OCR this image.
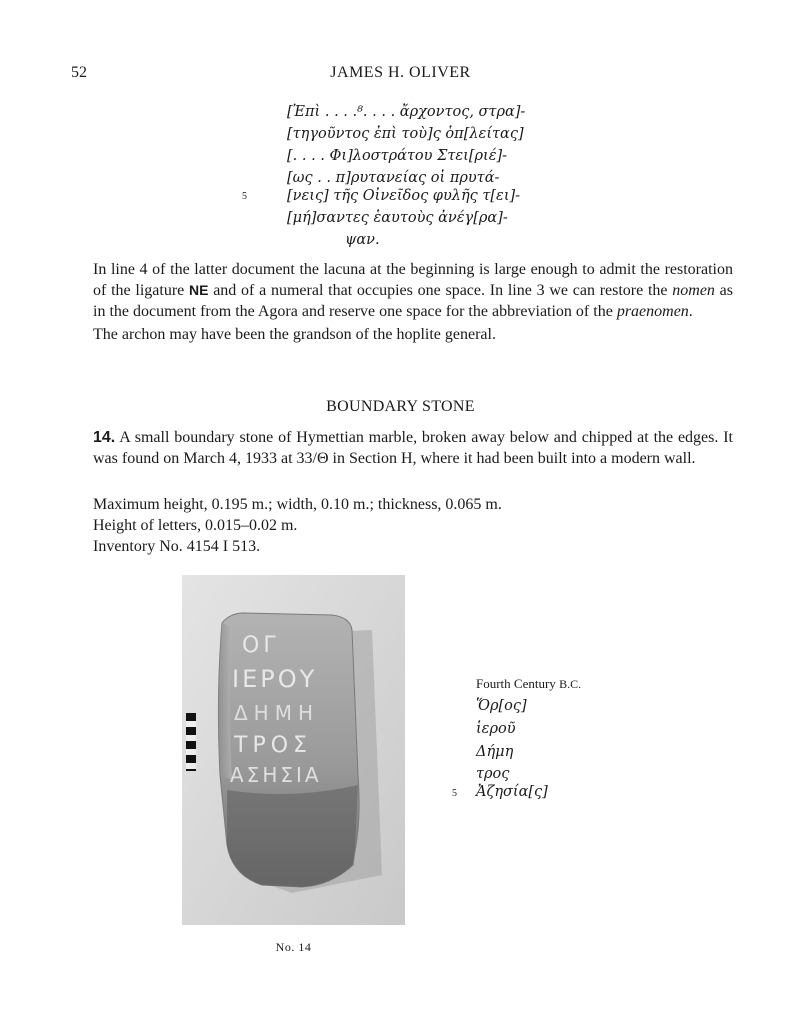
52	JAMES H. OLIVER
[Ἐπὶ . . . .⁸. . . . ἄρχοντος, στρα]-
[τηγοῦντος ἐπὶ τοὺ]ς ὁπ[λείτας]
[. . . . Φι]λοστράτου Στει[ριέ]-
[ως . . π]ρυτανείας οἱ πρυτά-
5	[νεις] τῆς Οἰνεῖδος φυλῆς τ[ει]-
[μή]σαντες ἑαυτοὺς ἀνέγ[ρα]-
ψαν.

In line 4 of the latter document the lacuna at the beginning is large enough to admit the restoration of the ligature NE and of a numeral that occupies one space. In line 3 we can restore the nomen as in the document from the Agora and reserve one space for the abbreviation of the praenomen.

The archon may have been the grandson of the hoplite general.

BOUNDARY STONE

14. A small boundary stone of Hymettian marble, broken away below and chipped at the edges. It was found on March 4, 1933 at 33/Θ in Section H, where it had been built into a modern wall.

Maximum height, 0.195 m.; width, 0.10 m.; thickness, 0.065 m.
Height of letters, 0.015–0.02 m.
Inventory No. 4154 I 513.
ΟΓ
ΙΕΡΟΥ
ΔΗΜΗ
ΤΡΟΣ
ΑΣΗΣΙΑ
No. 14
Fourth Century B.C.
Ὅρ[ος]
ἱεροῦ
Δήμη
τρος
5 Ἀζησία[ς]
